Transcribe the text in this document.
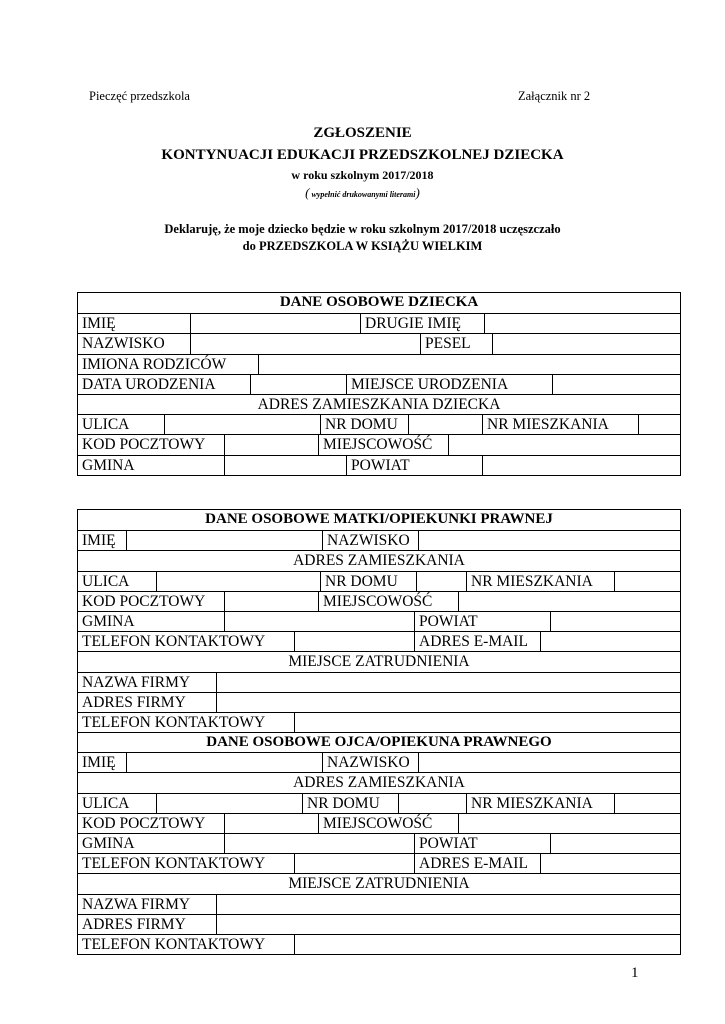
Pieczęć przedszkola	Załącznik nr 2
ZGŁOSZENIE
KONTYNUACJI EDUKACJI PRZEDSZKOLNEJ DZIECKA
w roku szkolnym 2017/2018
( wypełnić drukowanymi literami)
Deklaruję, że moje dziecko będzie w roku szkolnym 2017/2018 uczęszczało
do PRZEDSZKOLA W KSIĄŻU WIELKIM
DANE OSOBOWE DZIECKA
IMIĘ	DRUGIE IMIĘ
NAZWISKO	PESEL
IMIONA RODZICÓW
DATA URODZENIA	MIEJSCE URODZENIA
ADRES ZAMIESZKANIA DZIECKA
ULICA	NR DOMU	NR MIESZKANIA
KOD POCZTOWY	MIEJSCOWOŚĆ
GMINA	POWIAT
DANE OSOBOWE MATKI/OPIEKUNKI PRAWNEJ
IMIĘ	NAZWISKO
ADRES ZAMIESZKANIA
ULICA	NR DOMU	NR MIESZKANIA
KOD POCZTOWY	MIEJSCOWOŚĆ
GMINA	POWIAT
TELEFON KONTAKTOWY	ADRES E-MAIL
MIEJSCE ZATRUDNIENIA
NAZWA FIRMY
ADRES FIRMY
TELEFON KONTAKTOWY
DANE OSOBOWE OJCA/OPIEKUNA PRAWNEGO
IMIĘ	NAZWISKO
ADRES ZAMIESZKANIA
ULICA	NR DOMU	NR MIESZKANIA
KOD POCZTOWY	MIEJSCOWOŚĆ
GMINA	POWIAT
TELEFON KONTAKTOWY	ADRES E-MAIL
MIEJSCE ZATRUDNIENIA
NAZWA FIRMY
ADRES FIRMY
TELEFON KONTAKTOWY
1
